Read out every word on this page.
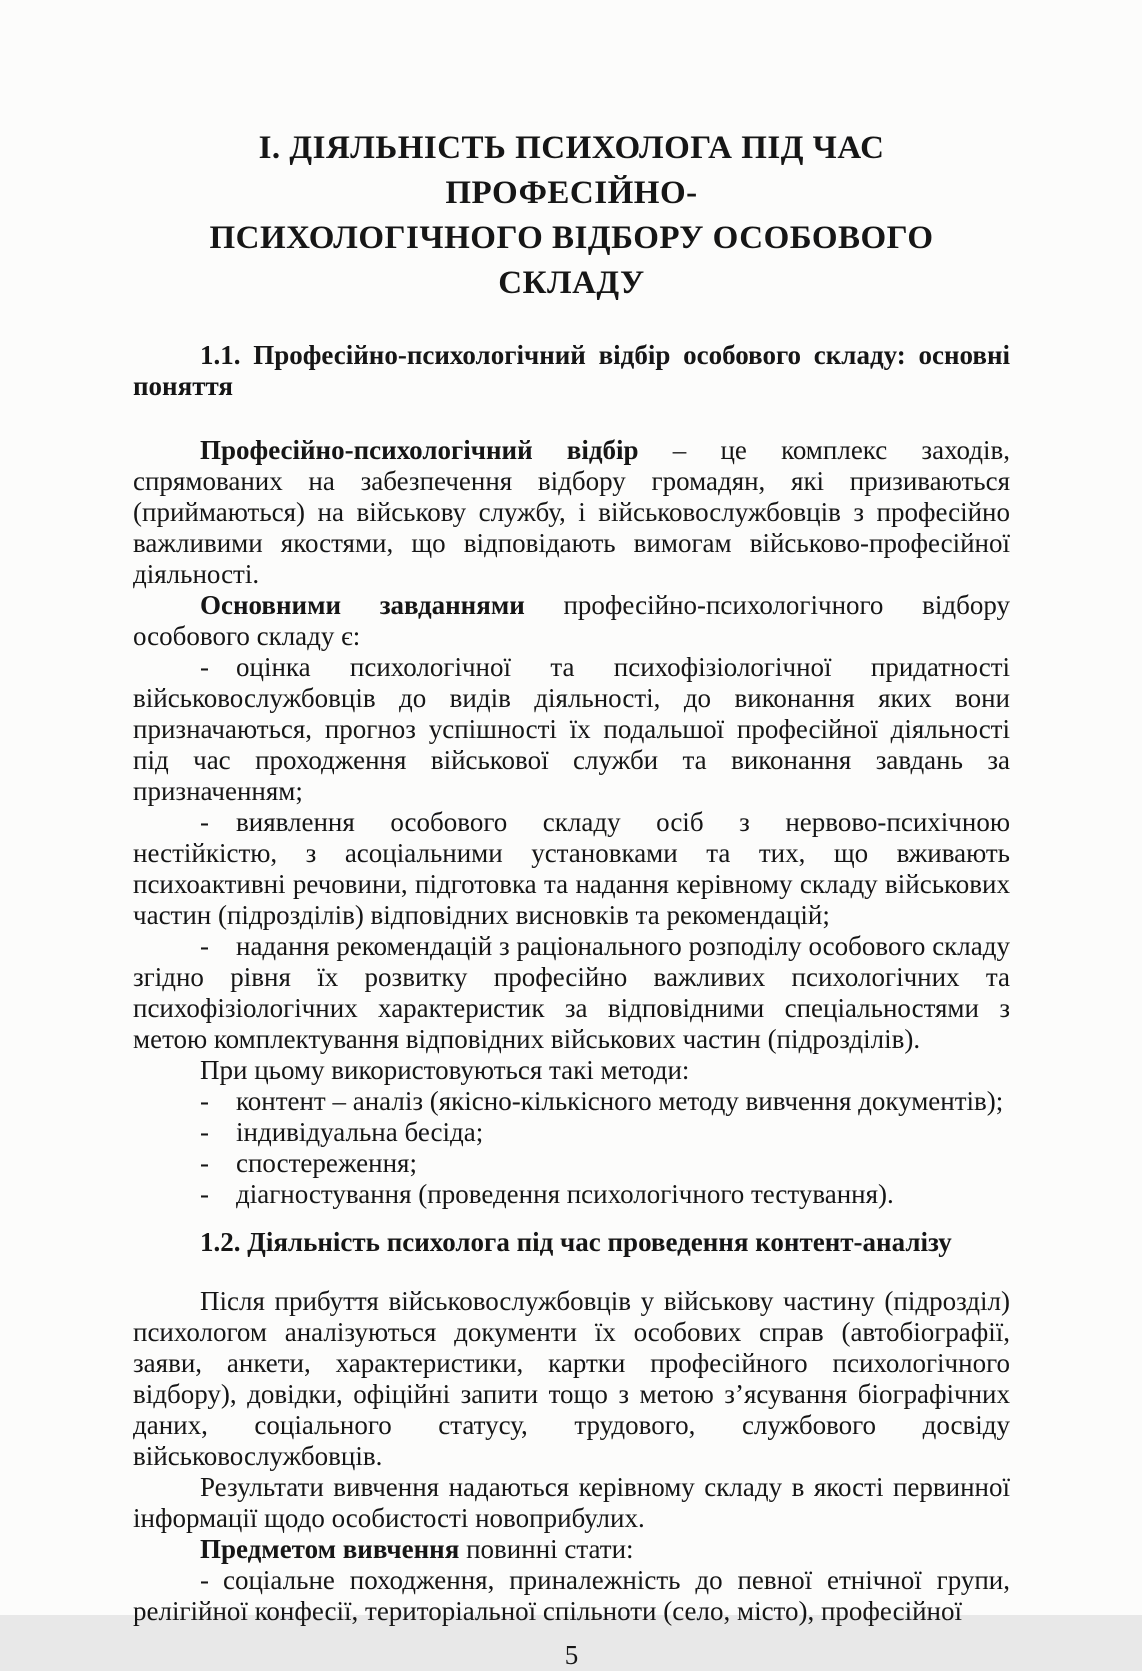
І. ДІЯЛЬНІСТЬ ПСИХОЛОГА ПІД ЧАС ПРОФЕСІЙНО-
ПСИХОЛОГІЧНОГО ВІДБОРУ ОСОБОВОГО СКЛАДУ
1.1. Професійно-психологічний відбір особового складу: основні поняття

Професійно-психологічний відбір – це комплекс заходів, спрямованих на забезпечення відбору громадян, які призиваються (приймаються) на військову службу, і військовослужбовців з професійно важливими якостями, що відповідають вимогам військово-професійної діяльності.

Основними завданнями професійно-психологічного відбору особового складу є:

- оцінка психологічної та психофізіологічної придатності військовослужбовців до видів діяльності, до виконання яких вони призначаються, прогноз успішності їх подальшої професійної діяльності під час проходження військової служби та виконання завдань за призначенням;

- виявлення особового складу осіб з нервово-психічною нестійкістю, з асоціальними установками та тих, що вживають психоактивні речовини, підготовка та надання керівному складу військових частин (підрозділів) відповідних висновків та рекомендацій;

- надання рекомендацій з раціонального розподілу особового складу згідно рівня їх розвитку професійно важливих психологічних та психофізіологічних характеристик за відповідними спеціальностями з метою комплектування відповідних військових частин (підрозділів).

При цьому використовуються такі методи:

- контент – аналіз (якісно-кількісного методу вивчення документів);

- індивідуальна бесіда;

- спостереження;

- діагностування (проведення психологічного тестування).

1.2. Діяльність психолога під час проведення контент-аналізу

Після прибуття військовослужбовців у військову частину (підрозділ) психологом аналізуються документи їх особових справ (автобіографії, заяви, анкети, характеристики, картки професійного психологічного відбору), довідки, офіційні запити тощо з метою з’ясування біографічних даних, соціального статусу, трудового, службового досвіду військовослужбовців.

Результати вивчення надаються керівному складу в якості первинної інформації щодо особистості новоприбулих.

Предметом вивчення повинні стати:

- соціальне походження, приналежність до певної етнічної групи, релігійної конфесії, територіальної спільноти (село, місто), професійної

5
